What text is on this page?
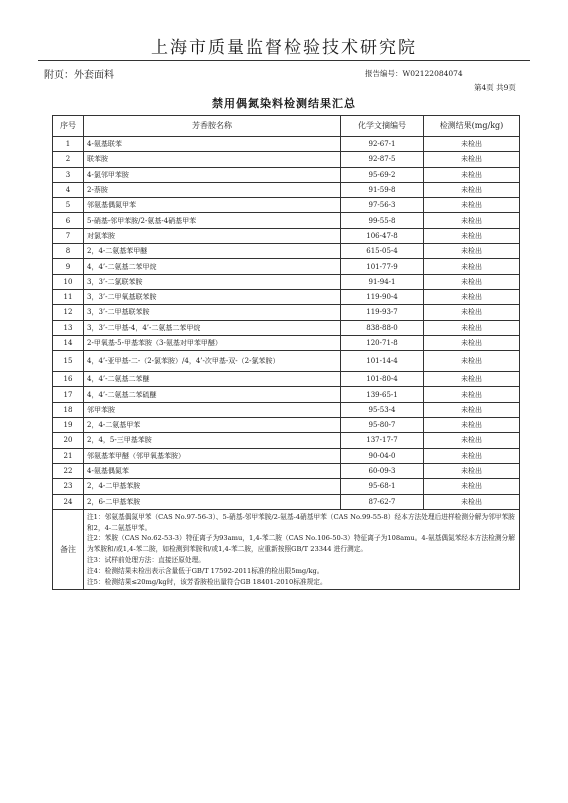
上海市质量监督检验技术研究院
附页：外套面料	报告编号：W02122084074
第4页 共9页
禁用偶氮染料检测结果汇总
序号	芳香胺名称	化学文摘编号	检测结果(mg/kg)
1	4-氨基联苯	92-67-1	未检出
2	联苯胺	92-87-5	未检出
3	4-氯邻甲苯胺	95-69-2	未检出
4	2-萘胺	91-59-8	未检出
5	邻氨基偶氮甲苯	97-56-3	未检出
6	5-硝基-邻甲苯胺/2-氨基-4硝基甲苯	99-55-8	未检出
7	对氯苯胺	106-47-8	未检出
8	2，4-二氨基苯甲醚	615-05-4	未检出
9	4，4’-二氨基二苯甲烷	101-77-9	未检出
10	3，3’-二氯联苯胺	91-94-1	未检出
11	3，3’-二甲氧基联苯胺	119-90-4	未检出
12	3，3’-二甲基联苯胺	119-93-7	未检出
13	3，3’-二甲基-4，4’-二氨基二苯甲烷	838-88-0	未检出
14	2-甲氧基-5-甲基苯胺（3-氨基对甲苯甲醚）	120-71-8	未检出
15	4，4’-亚甲基-二-（2-氯苯胺）/4，4’-次甲基-双-（2-氯苯胺）	101-14-4	未检出
16	4，4’-二氨基二苯醚	101-80-4	未检出
17	4，4’-二氨基二苯硫醚	139-65-1	未检出
18	邻甲苯胺	95-53-4	未检出
19	2，4-二氨基甲苯	95-80-7	未检出
20	2，4，5-三甲基苯胺	137-17-7	未检出
21	邻氨基苯甲醚（邻甲氧基苯胺）	90-04-0	未检出
22	4-氨基偶氮苯	60-09-3	未检出
23	2，4-二甲基苯胺	95-68-1	未检出
24	2，6-二甲基苯胺	87-62-7	未检出
备注	注1：邻氨基偶氮甲苯（CAS No.97-56-3）、5-硝基-邻甲苯胺/2-氨基-4硝基甲苯（CAS No.99-55-8）经本方法处理后进样检测分解为邻甲苯胺和2，4-二氨基甲苯。
注2：苯胺（CAS No.62-53-3）特征离子为93amu，1,4-苯二胺（CAS No.106-50-3）特征离子为108amu。4-氨基偶氮苯经本方法检测分解为苯胺和/或1,4-苯二胺，如检测到苯胺和/或1,4-苯二胺，应重新按照GB/T 23344 进行测定。
注3：试样前处理方法：直接还原处理。
注4：检测结果未检出表示含量低于GB/T 17592-2011标准的检出限5mg/kg。
注5：检测结果≤20mg/kg时，该芳香胺检出量符合GB 18401-2010标准规定。		
